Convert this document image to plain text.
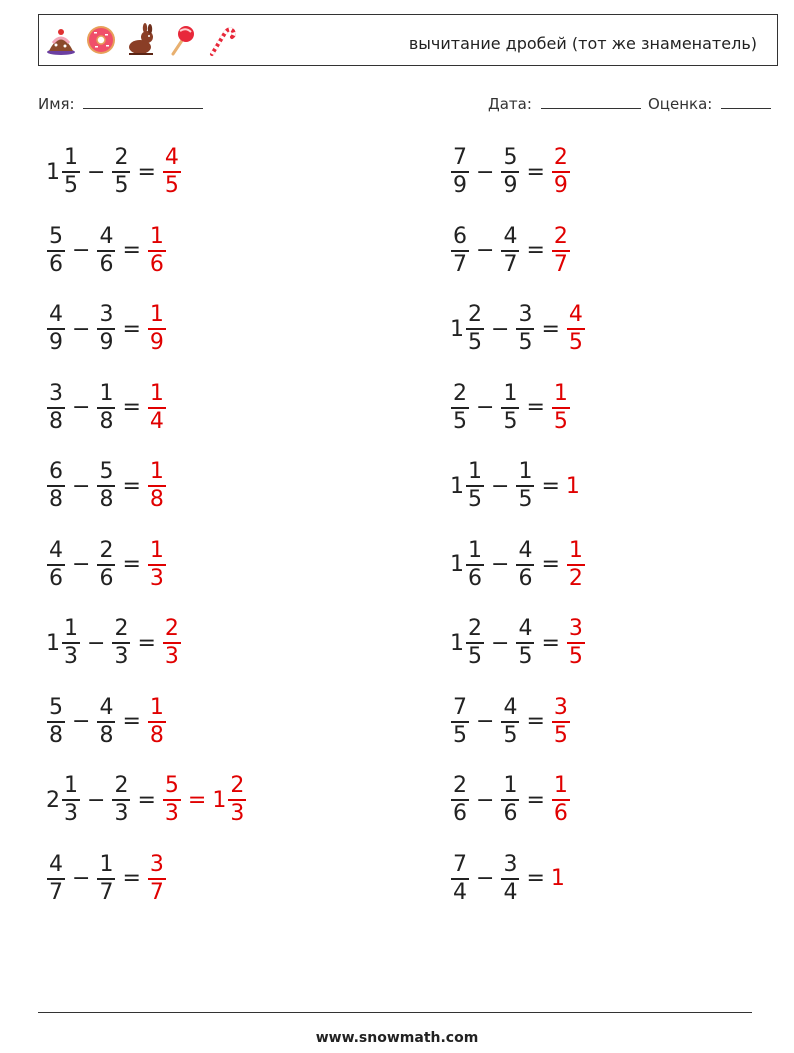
вычитание дробей (тот же знаменатель)
Имя:	Дата:	Оценка:
$1 \frac{1}{5} - \frac{2}{5} = \frac{4}{5}$	$\frac{7}{9} - \frac{5}{9} = \frac{2}{9}$
$\frac{5}{6} - \frac{4}{6} = \frac{1}{6}$	$\frac{6}{7} - \frac{4}{7} = \frac{2}{7}$
$\frac{4}{9} - \frac{3}{9} = \frac{1}{9}$	$1 \frac{2}{5} - \frac{3}{5} = \frac{4}{5}$
$\frac{3}{8} - \frac{1}{8} = \frac{1}{4}$	$\frac{2}{5} - \frac{1}{5} = \frac{1}{5}$
$\frac{6}{8} - \frac{5}{8} = \frac{1}{8}$	$1 \frac{1}{5} - \frac{1}{5} = 1$
$\frac{4}{6} - \frac{2}{6} = \frac{1}{3}$	$1 \frac{1}{6} - \frac{4}{6} = \frac{1}{2}$
$1 \frac{1}{3} - \frac{2}{3} = \frac{2}{3}$	$1 \frac{2}{5} - \frac{4}{5} = \frac{3}{5}$
$\frac{5}{8} - \frac{4}{8} = \frac{1}{8}$	$\frac{7}{5} - \frac{4}{5} = \frac{3}{5}$
$2 \frac{1}{3} - \frac{2}{3} = \frac{5}{3} = 1 \frac{2}{3}$	$\frac{2}{6} - \frac{1}{6} = \frac{1}{6}$
$\frac{4}{7} - \frac{1}{7} = \frac{3}{7}$	$\frac{7}{4} - \frac{3}{4} = 1$
www.snowmath.com
